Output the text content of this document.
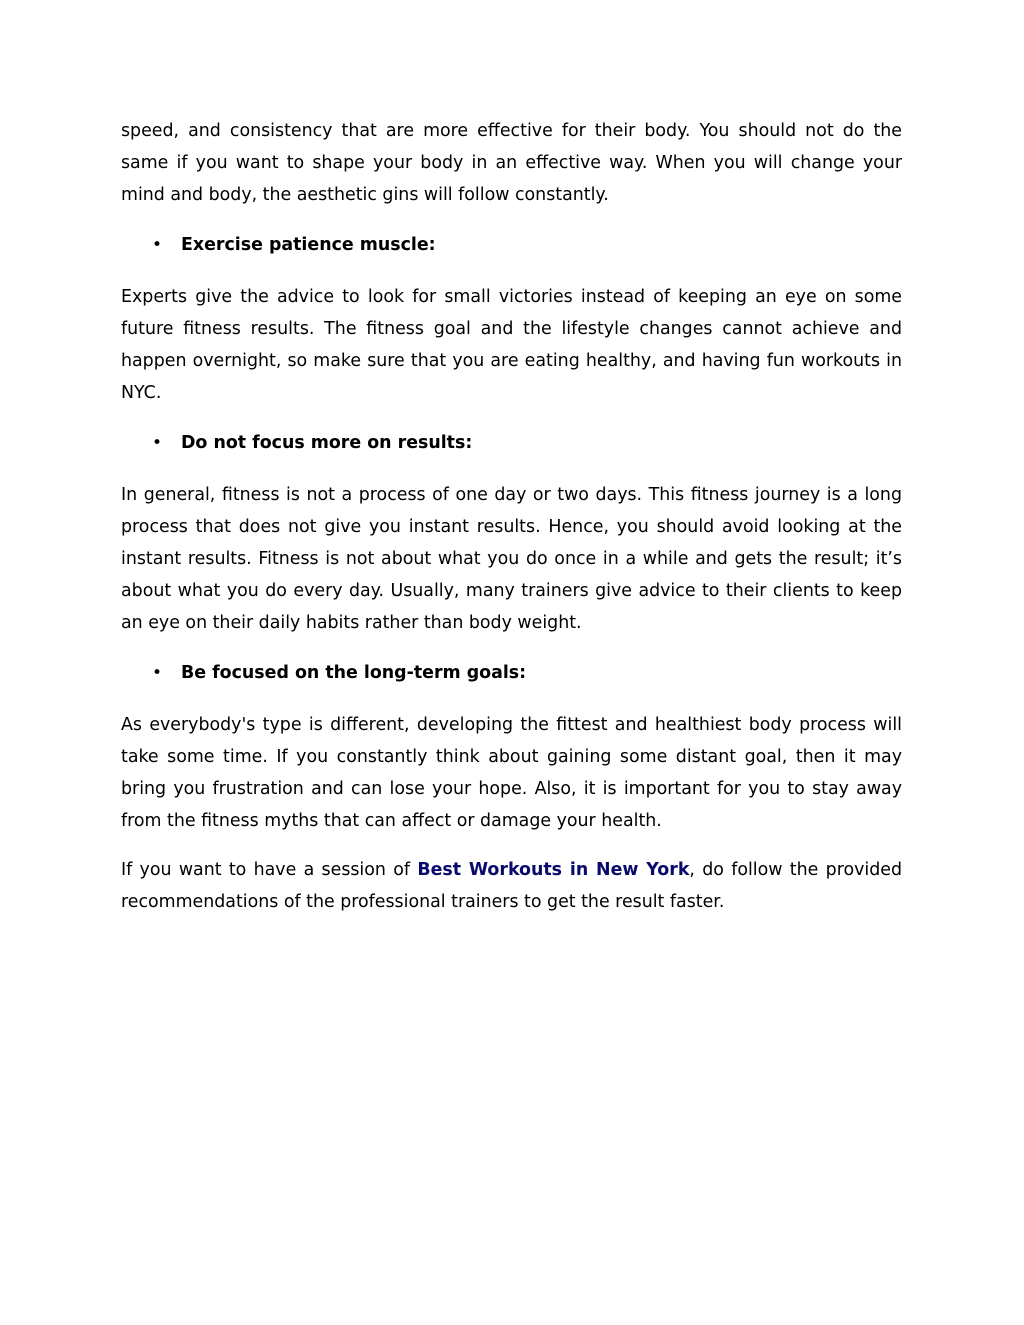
speed, and consistency that are more effective for their body. You should not do the same if you want to shape your body in an effective way. When you will change your mind and body, the aesthetic gins will follow constantly.

• Exercise patience muscle:

Experts give the advice to look for small victories instead of keeping an eye on some future fitness results. The fitness goal and the lifestyle changes cannot achieve and happen overnight, so make sure that you are eating healthy, and having fun workouts in NYC.

• Do not focus more on results:

In general, fitness is not a process of one day or two days. This fitness journey is a long process that does not give you instant results. Hence, you should avoid looking at the instant results. Fitness is not about what you do once in a while and gets the result; it’s about what you do every day. Usually, many trainers give advice to their clients to keep an eye on their daily habits rather than body weight.

• Be focused on the long-term goals:

As everybody's type is different, developing the fittest and healthiest body process will take some time. If you constantly think about gaining some distant goal, then it may bring you frustration and can lose your hope. Also, it is important for you to stay away from the fitness myths that can affect or damage your health.

If you want to have a session of Best Workouts in New York, do follow the provided recommendations of the professional trainers to get the result faster.
